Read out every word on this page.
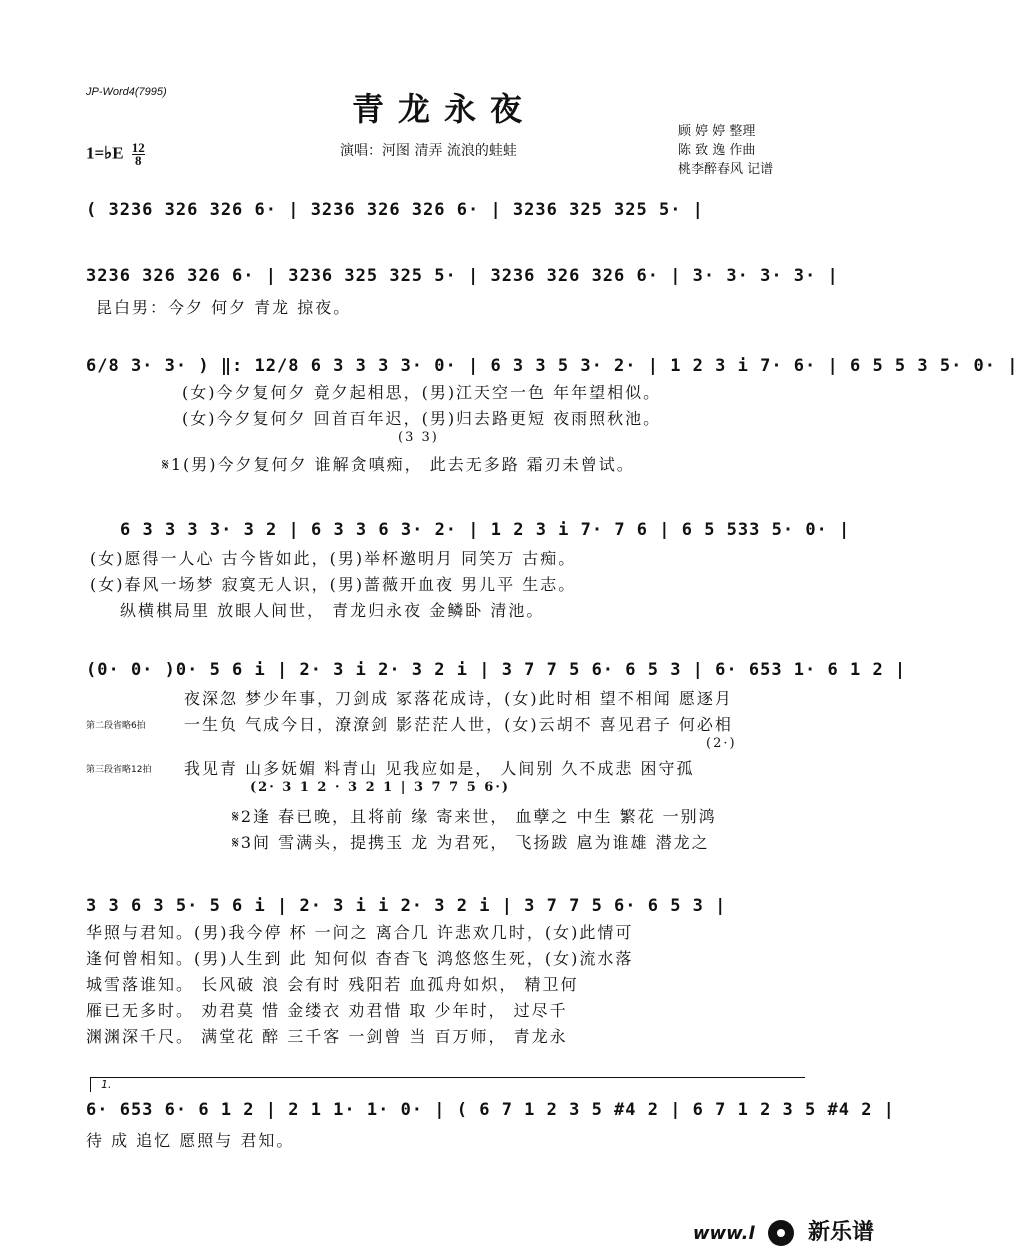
JP-Word4(7995)	青龙永夜
1=♭E $\frac{12}{8}$	演唱：河图 清弄 流浪的蛙蛙
顾 婷 婷 整理
陈 致 逸 作曲
桃李醉春风 记谱
( 3236 326 326 6· | 3236 326 326 6· | 3236 325 325 5· |
3236 326 326 6· | 3236 325 325 5· | 3236 326 326 6· | 3· 3· 3· 3· |
昆白男：今夕 何夕 青龙 掠夜。
6/8 3· 3· ) ‖: 12/8 6 3 3 3 3· 0· | 6 3 3 5 3· 2· | 1 2 3 i 7· 6· | 6 5 5 3 5· 0· |
(女)今夕复何夕 竟夕起相思，(男)江天空一色 年年望相似。
(女)今夕复何夕 回首百年迟，(男)归去路更短 夜雨照秋池。
(3 3)
𝄋1(男)今夕复何夕 谁解贪嗔痴， 此去无多路 霜刃未曾试。
6 3 3 3 3· 3 2 | 6 3 3 6 3· 2· | 1 2 3 i 7· 7 6 | 6 5 533 5· 0· |
(女)愿得一人心 古今皆如此，(男)举杯邀明月 同笑万 古痴。
(女)春风一场梦 寂寞无人识，(男)蔷薇开血夜 男儿平 生志。
纵横棋局里 放眼人间世， 青龙归永夜 金鳞卧 清池。
(0· 0· )0· 5 6 i | 2· 3 i 2· 3 2 i | 3 7 7 5 6· 6 5 3 | 6· 653 1· 6 1 2 |
夜深忽 梦少年事，刀剑成 冢落花成诗，(女)此时相 望不相闻 愿逐月
第二段省略6拍 一生负 气成今日，潦潦剑 影茫茫人世，(女)云胡不 喜见君子 何必相
(2·)
第三段省略12拍 我见青 山多妩媚 料青山 见我应如是， 人间别 久不成悲 困守孤
(2· 3 1 2 · 3 2 1 | 3 7 7 5 6·)
𝄋2逢 春已晚，且将前 缘 寄来世， 血孽之 中生 繁花 一别鸿
𝄋3间 雪满头，提携玉 龙 为君死， 飞扬跋 扈为谁雄 潜龙之
3 3 6 3 5· 5 6 i | 2· 3 i i 2· 3 2 i | 3 7 7 5 6· 6 5 3 |
华照与君知。(男)我今停 杯 一问之 离合几 许悲欢几时，(女)此情可
逢何曾相知。(男)人生到 此 知何似 杳杳飞 鸿悠悠生死，(女)流水落
城雪落谁知。 长风破 浪 会有时 残阳若 血孤舟如炽， 精卫何
雁已无多时。 劝君莫 惜 金缕衣 劝君惜 取 少年时， 过尽千
渊渊深千尺。 满堂花 醉 三千客 一剑曾 当 百万师， 青龙永
1.
6· 653 6· 6 1 2 | 2 1 1· 1· 0· | ( 6 7 1 2 3 5 #4 2 | 6 7 1 2 3 5 #4 2 |
待 成 追忆 愿照与 君知。
www.l 新乐谱
